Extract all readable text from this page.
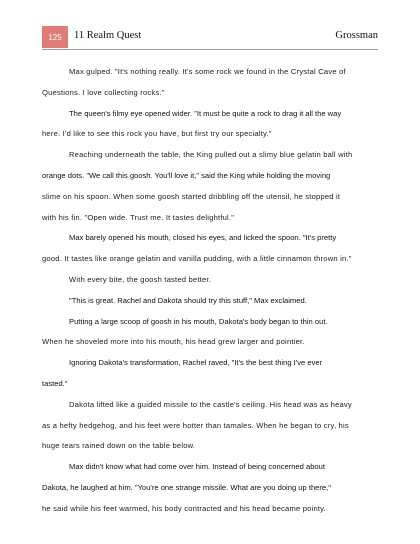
125	11 Realm Quest	Grossman
Max gulped. "It's nothing really. It's some rock we found in the Crystal Cave of
Questions. I love collecting rocks."
The queen's filmy eye opened wider. "It must be quite a rock to drag it all the way
here. I'd like to see this rock you have, but first try our specialty."
Reaching underneath the table, the King pulled out a slimy blue gelatin ball with
orange dots. "We call this goosh. You'll love it," said the King while holding the moving
slime on his spoon. When some goosh started dribbling off the utensil, he stopped it
with his fin. "Open wide. Trust me. It tastes delightful."
Max barely opened his mouth, closed his eyes, and licked the spoon. "It's pretty
good. It tastes like orange gelatin and vanilla pudding, with a little cinnamon thrown in."
With every bite, the goosh tasted better.
"This is great. Rachel and Dakota should try this stuff," Max exclaimed.
Putting a large scoop of goosh in his mouth, Dakota's body began to thin out.
When he shoveled more into his mouth, his head grew larger and pointier.
Ignoring Dakota's transformation, Rachel raved, "It's the best thing I've ever
tasted."
Dakota lifted like a guided missile to the castle's ceiling. His head was as heavy
as a hefty hedgehog, and his feet were hotter than tamales. When he began to cry, his
huge tears rained down on the table below.
Max didn't know what had come over him. Instead of being concerned about
Dakota, he laughed at him. "You're one strange missile. What are you doing up there,"
he said while his feet warmed, his body contracted and his head became pointy.
